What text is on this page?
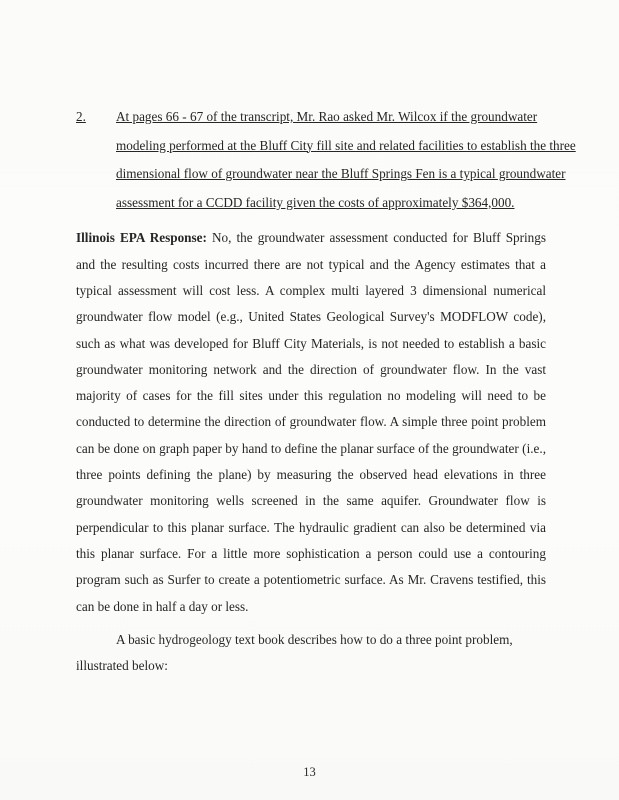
2.	At pages 66 - 67 of the transcript, Mr. Rao asked Mr. Wilcox if the groundwater
modeling performed at the Bluff City fill site and related facilities to establish the three
dimensional flow of groundwater near the Bluff Springs Fen is a typical groundwater
assessment for a CCDD facility given the costs of approximately $364,000.

Illinois EPA Response: No, the groundwater assessment conducted for Bluff Springs and the resulting costs incurred there are not typical and the Agency estimates that a typical assessment will cost less. A complex multi layered 3 dimensional numerical groundwater flow model (e.g., United States Geological Survey's MODFLOW code), such as what was developed for Bluff City Materials, is not needed to establish a basic groundwater monitoring network and the direction of groundwater flow. In the vast majority of cases for the fill sites under this regulation no modeling will need to be conducted to determine the direction of groundwater flow. A simple three point problem can be done on graph paper by hand to define the planar surface of the groundwater (i.e., three points defining the plane) by measuring the observed head elevations in three groundwater monitoring wells screened in the same aquifer. Groundwater flow is perpendicular to this planar surface. The hydraulic gradient can also be determined via this planar surface. For a little more sophistication a person could use a contouring program such as Surfer to create a potentiometric surface. As Mr. Cravens testified, this can be done in half a day or less.

A basic hydrogeology text book describes how to do a three point problem, illustrated below:

13
